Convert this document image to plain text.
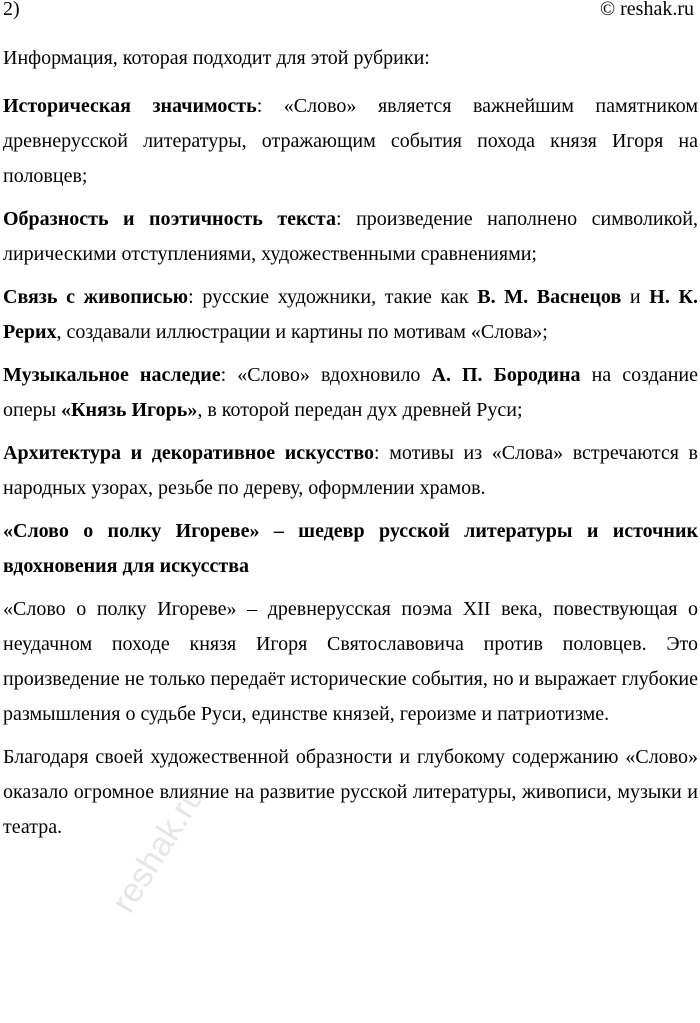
2)	© reshak.ru

Информация, которая подходит для этой рубрики:

Историческая значимость: «Слово» является важнейшим памятником древнерусской литературы, отражающим события похода князя Игоря на половцев;

Образность и поэтичность текста: произведение наполнено символикой, лирическими отступлениями, художественными сравнениями;

Связь с живописью: русские художники, такие как В. М. Васнецов и Н. К. Рерих, создавали иллюстрации и картины по мотивам «Слова»;

Музыкальное наследие: «Слово» вдохновило А. П. Бородина на создание оперы «Князь Игорь», в которой передан дух древней Руси;

Архитектура и декоративное искусство: мотивы из «Слова» встречаются в народных узорах, резьбе по дереву, оформлении храмов.

«Слово о полку Игореве» – шедевр русской литературы и источник вдохновения для искусства

«Слово о полку Игореве» – древнерусская поэма XII века, повествующая о неудачном походе князя Игоря Святославовича против половцев. Это произведение не только передаёт исторические события, но и выражает глубокие размышления о судьбе Руси, единстве князей, героизме и патриотизме.

Благодаря своей художественной образности и глубокому содержанию «Слово» оказало огромное влияние на развитие русской литературы, живописи, музыки и театра.	reshak.ru
